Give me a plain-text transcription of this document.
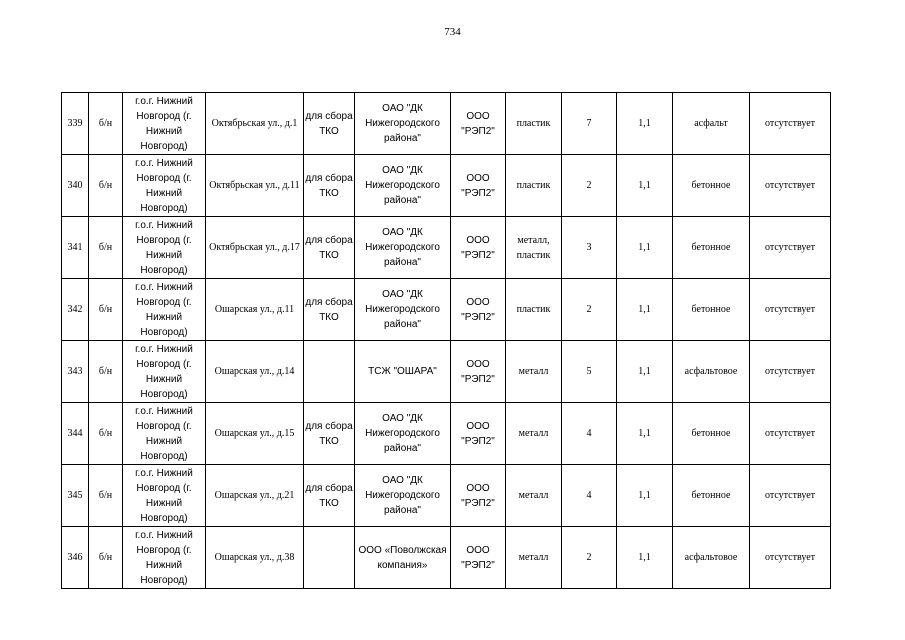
734
339	б/н	г.о.г. Нижний Новгород (г. Нижний Новгород)	Октябрьская ул., д.1	для сбора ТКО	ОАО "ДК Нижегородского района"	ООО "РЭП2"	пластик	7	1,1	асфальт	отсутствует
340	б/н	г.о.г. Нижний Новгород (г. Нижний Новгород)	Октябрьская ул., д.11	для сбора ТКО	ОАО "ДК Нижегородского района"	ООО "РЭП2"	пластик	2	1,1	бетонное	отсутствует
341	б/н	г.о.г. Нижний Новгород (г. Нижний Новгород)	Октябрьская ул., д.17	для сбора ТКО	ОАО "ДК Нижегородского района"	ООО "РЭП2"	металл, пластик	3	1,1	бетонное	отсутствует
342	б/н	г.о.г. Нижний Новгород (г. Нижний Новгород)	Ошарская ул., д.11	для сбора ТКО	ОАО "ДК Нижегородского района"	ООО "РЭП2"	пластик	2	1,1	бетонное	отсутствует
343	б/н	г.о.г. Нижний Новгород (г. Нижний Новгород)	Ошарская ул., д.14		ТСЖ "ОШАРА"	ООО "РЭП2"	металл	5	1,1	асфальтовое	отсутствует
344	б/н	г.о.г. Нижний Новгород (г. Нижний Новгород)	Ошарская ул., д.15	для сбора ТКО	ОАО "ДК Нижегородского района"	ООО "РЭП2"	металл	4	1,1	бетонное	отсутствует
345	б/н	г.о.г. Нижний Новгород (г. Нижний Новгород)	Ошарская ул., д.21	для сбора ТКО	ОАО "ДК Нижегородского района"	ООО "РЭП2"	металл	4	1,1	бетонное	отсутствует
346	б/н	г.о.г. Нижний Новгород (г. Нижний Новгород)	Ошарская ул., д.38		ООО «Поволжская компания»	ООО "РЭП2"	металл	2	1,1	асфальтовое	отсутствует
